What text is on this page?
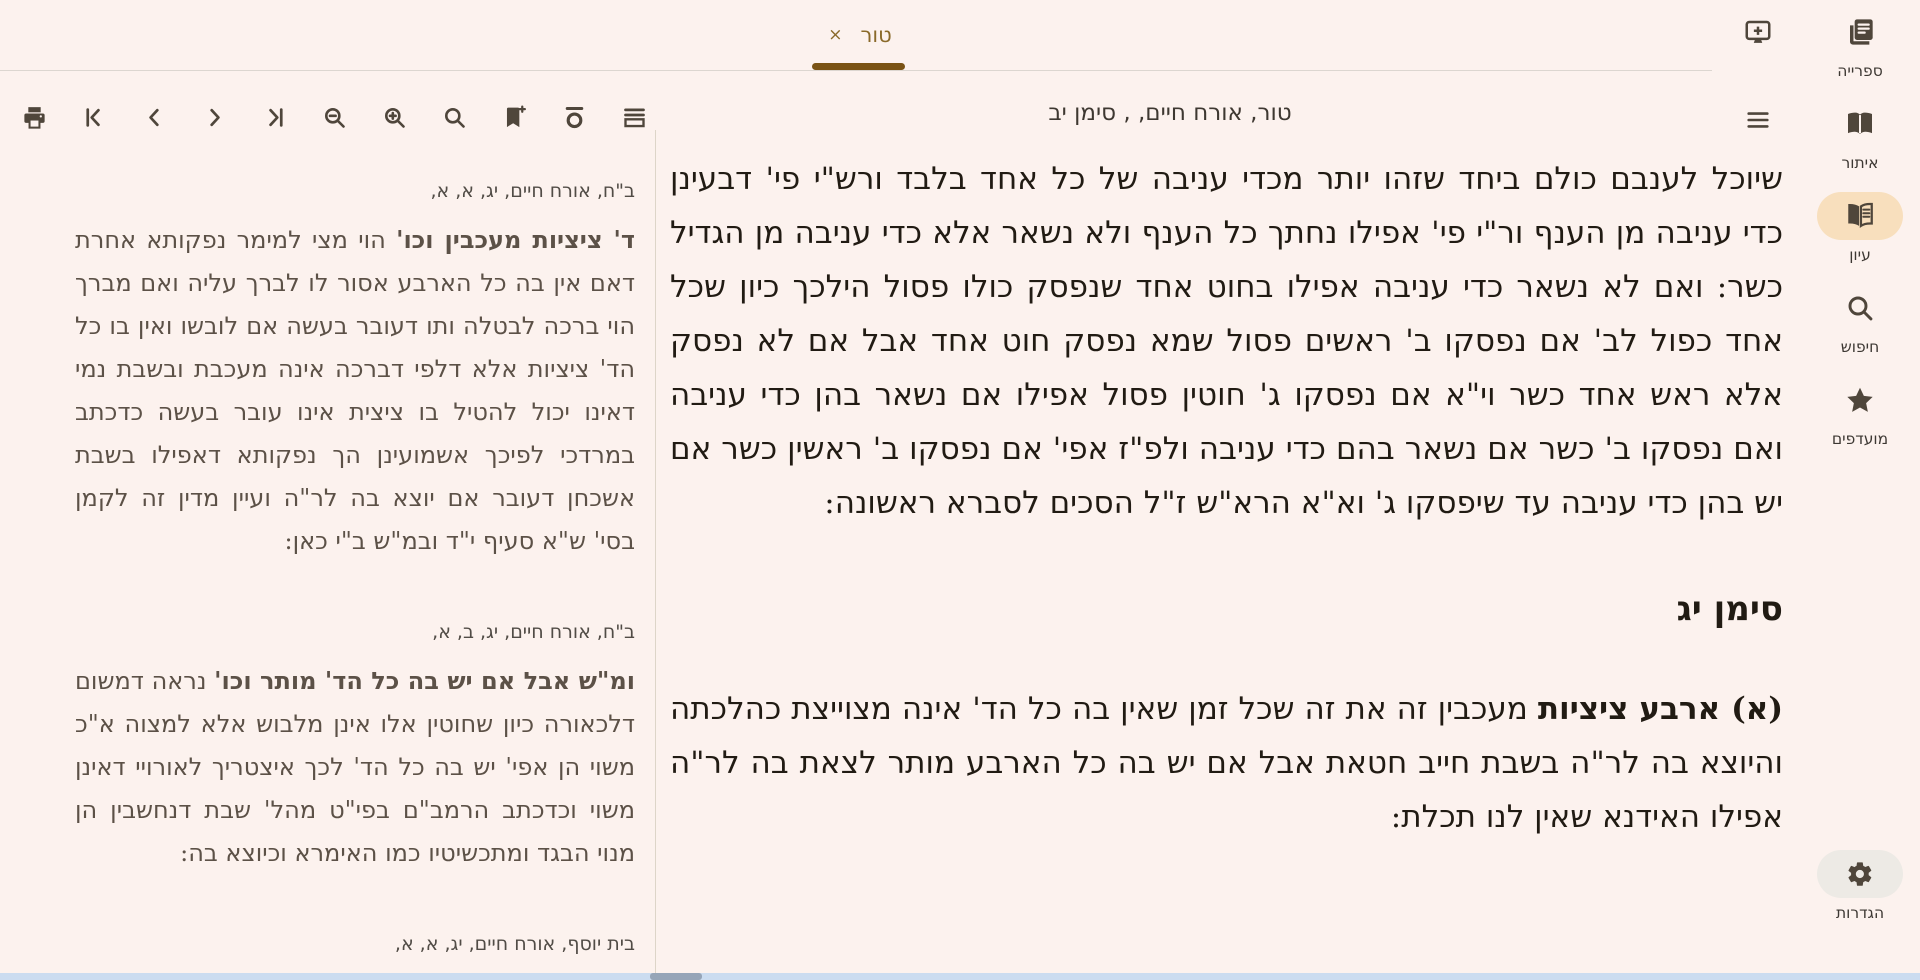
טור
×
טור, אורח חיים, , סימן יב

שיוכל לענבם כולם ביחד שזהו יותר מכדי עניבה של כל אחד בלבד ורש"י פי' דבעינן כדי עניבה מן הענף ור"י פי' אפילו נחתך כל הענף ולא נשאר אלא כדי עניבה מן הגדיל כשר: ואם לא נשאר כדי עניבה אפילו בחוט אחד שנפסק כולו פסול הילכך כיון שכל אחד כפול לב' אם נפסקו ב' ראשים פסול שמא נפסק חוט אחד אבל אם לא נפסק אלא ראש אחד כשר וי"א אם נפסקו ג' חוטין פסול אפילו אם נשאר בהן כדי עניבה ואם נפסקו ב' כשר אם נשאר בהם כדי עניבה ולפ"ז אפי' אם נפסקו ב' ראשין כשר אם יש בהן כדי עניבה עד שיפסקו ג' וא"א הרא"ש ז"ל הסכים לסברא ראשונה:

סימן יג

(א) ארבע ציציות מעכבין זה את זה שכל זמן שאין בה כל הד' אינה מצוייצת כהלכתה והיוצא בה לר"ה בשבת חייב חטאת אבל אם יש בה כל הארבע מותר לצאת בה לר"ה אפילו האידנא שאין לנו תכלת:

ב"ח, אורח חיים, יג, א, א,

ד' ציציות מעכבין וכו' הוי מצי למימר נפקותא אחרת דאם אין בה כל הארבע אסור לו לברך עליה ואם מברך הוי ברכה לבטלה ותו דעובר בעשה אם לובשו ואין בו כל הד' ציציות אלא דלפי דברכה אינה מעכבת ובשבת נמי דאינו יכול להטיל בו ציצית אינו עובר בעשה כדכתב במרדכי לפיכך אשמועינן הך נפקותא דאפילו בשבת אשכחן דעובר אם יוצא בה לר"ה ועיין מדין זה לקמן בסי' ש"א סעיף י"ד ובמ"ש ב"י כאן:

ב"ח, אורח חיים, יג, ב, א,

ומ"ש אבל אם יש בה כל הד' מותר וכו' נראה דמשום דלכאורה כיון שחוטין אלו אינן מלבוש אלא למצוה א"כ משוי הן אפי' יש בה כל הד' לכך איצטריך לאורויי דאינן משוי וכדכתב הרמב"ם בפי"ט מהל' שבת דנחשבין הן מנוי הבגד ומתכשיטיו כמו האימרא וכיוצא בה:

בית יוסף, אורח חיים, יג, א, א,
ספרייה
איתור
עיון
חיפוש
מועדפים
הגדרות
